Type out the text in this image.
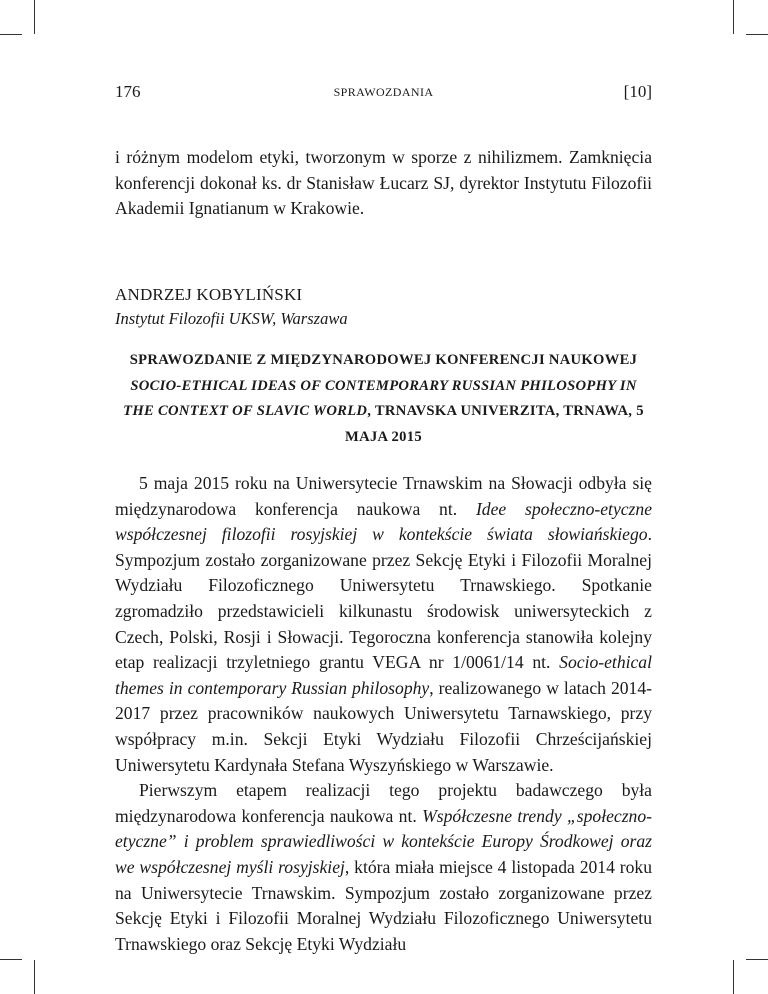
176	SPRAWOZDANIA	[10]

i różnym modelom etyki, tworzonym w sporze z nihilizmem. Zamknięcia konferencji dokonał ks. dr Stanisław Łucarz SJ, dyrektor Instytutu Filozofii Akademii Ignatianum w Krakowie.

ANDRZEJ KOBYLIŃSKI
Instytut Filozofii UKSW, Warszawa
SPRAWOZDANIE Z MIĘDZYNARODOWEJ KONFERENCJI NAUKOWEJ SOCIO-ETHICAL IDEAS OF CONTEMPORARY RUSSIAN PHILOSOPHY IN THE CONTEXT OF SLAVIC WORLD, TRNAVSKA UNIVERZITA, TRNAWA, 5 MAJA 2015

5 maja 2015 roku na Uniwersytecie Trnawskim na Słowacji odbyła się międzynarodowa konferencja naukowa nt. Idee społeczno-etyczne współczesnej filozofii rosyjskiej w kontekście świata słowiańskiego. Sympozjum zostało zorganizowane przez Sekcję Etyki i Filozofii Moralnej Wydziału Filozoficznego Uniwersytetu Trnawskiego. Spotkanie zgromadziło przedstawicieli kilkunastu środowisk uniwersyteckich z Czech, Polski, Rosji i Słowacji. Tegoroczna konferencja stanowiła kolejny etap realizacji trzyletniego grantu VEGA nr 1/0061/14 nt. Socio-ethical themes in contemporary Russian philosophy, realizowanego w latach 2014-2017 przez pracowników naukowych Uniwersytetu Tarnawskiego, przy współpracy m.in. Sekcji Etyki Wydziału Filozofii Chrześcijańskiej Uniwersytetu Kardynała Stefana Wyszyńskiego w Warszawie.

Pierwszym etapem realizacji tego projektu badawczego była międzynarodowa konferencja naukowa nt. Współczesne trendy „społeczno-etyczne” i problem sprawiedliwości w kontekście Europy Środkowej oraz we współczesnej myśli rosyjskiej, która miała miejsce 4 listopada 2014 roku na Uniwersytecie Trnawskim. Sympozjum zostało zorganizowane przez Sekcję Etyki i Filozofii Moralnej Wydziału Filozoficznego Uniwersytetu Trnawskiego oraz Sekcję Etyki Wydziału
